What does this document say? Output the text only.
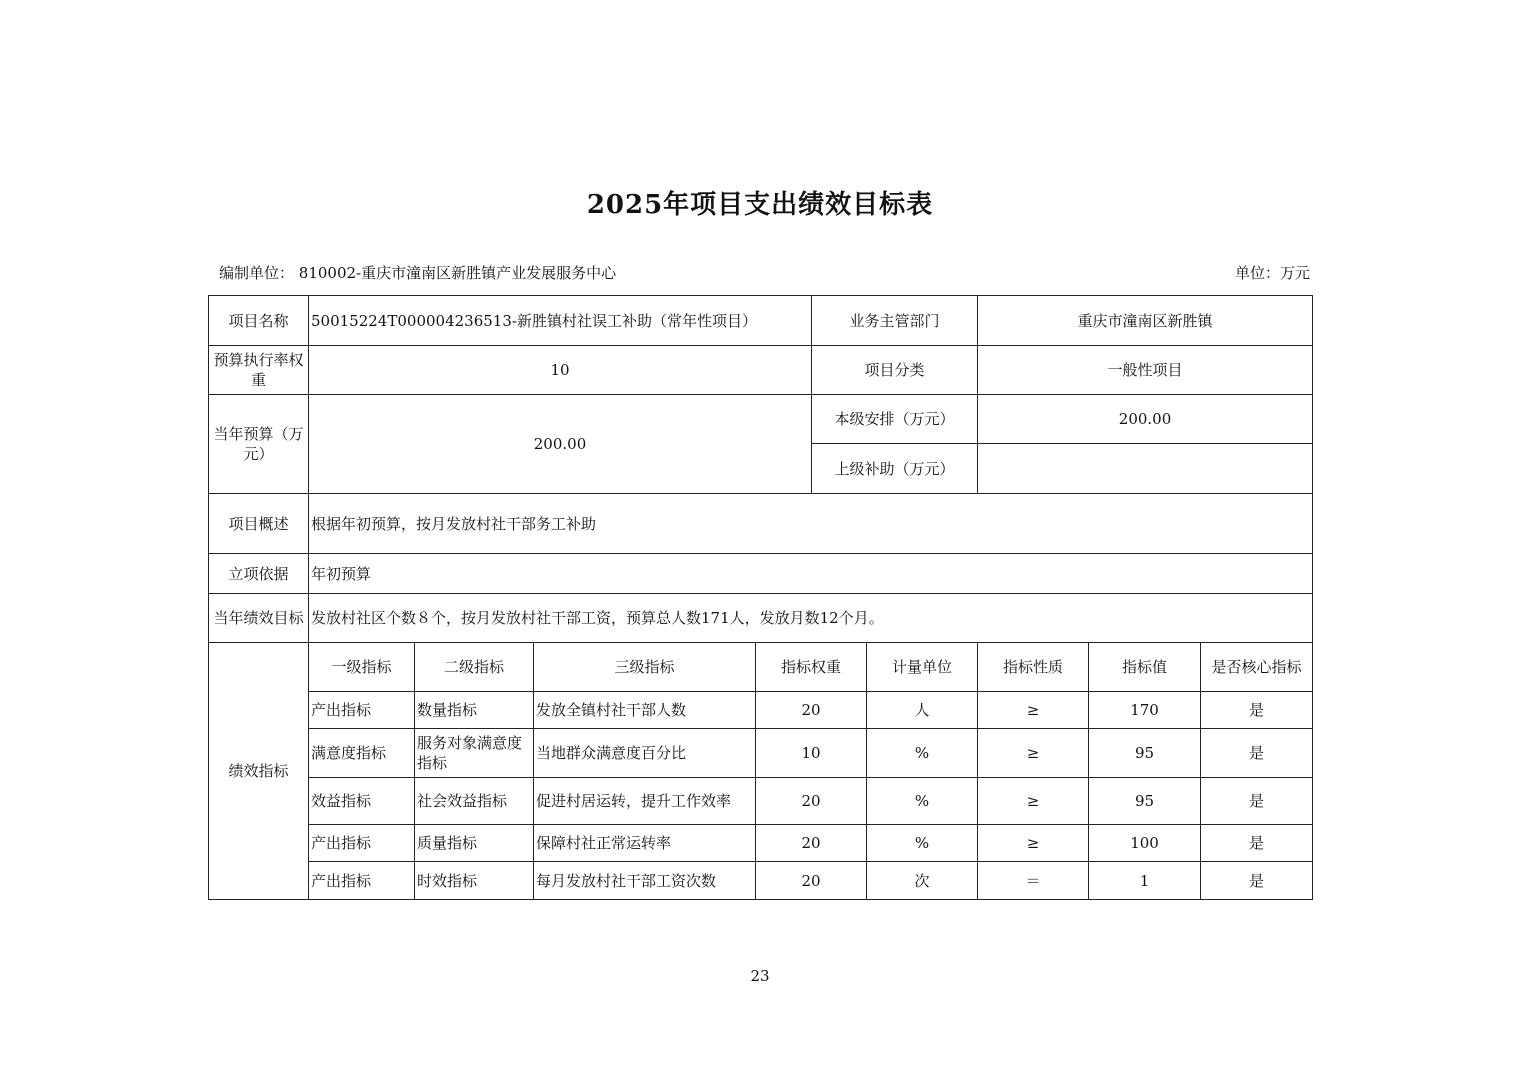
2025年项目支出绩效目标表
编制单位： 810002-重庆市潼南区新胜镇产业发展服务中心	单位：万元
项目名称	50015224T000004236513-新胜镇村社误工补助（常年性项目）				业务主管部门		重庆市潼南区新胜镇		
预算执行率权重	10				项目分类		一般性项目		
当年预算（万元）	200.00				本级安排（万元）		200.00		
					上级补助（万元）				
项目概述	根据年初预算，按月发放村社干部务工补助								
立项依据	年初预算								
当年绩效目标	发放村社区个数８个，按月发放村社干部工资，预算总人数171人，发放月数12个月。								
绩效指标	一级指标	二级指标	三级指标	指标权重		计量单位	指标性质	指标值	是否核心指标
	产出指标	数量指标	发放全镇村社干部人数	20		人	≥	170	是
	满意度指标	服务对象满意度指标	当地群众满意度百分比	10		%	≥	95	是
	效益指标	社会效益指标	促进村居运转，提升工作效率	20		%	≥	95	是
	产出指标	质量指标	保障村社正常运转率	20		%	≥	100	是
	产出指标	时效指标	每月发放村社干部工资次数	20		次	＝	1	是
23
